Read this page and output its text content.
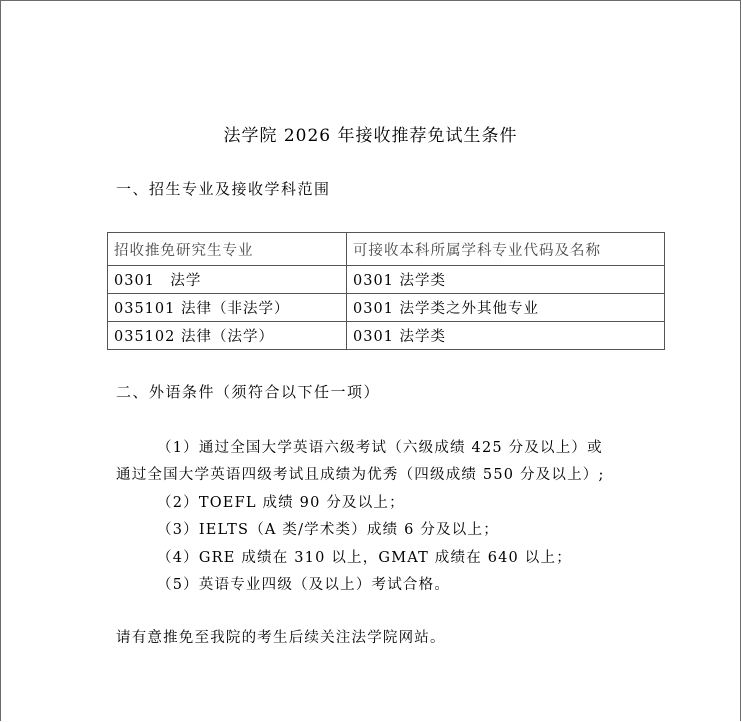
法学院 2026 年接收推荐免试生条件
一、招生专业及接收学科范围
招收推免研究生专业	可接收本科所属学科专业代码及名称
0301　法学	0301 法学类
035101 法律（非法学）	0301 法学类之外其他专业
035102 法律（法学）	0301 法学类
二、外语条件（须符合以下任一项）
（1）通过全国大学英语六级考试（六级成绩 425 分及以上）或
通过全国大学英语四级考试且成绩为优秀（四级成绩 550 分及以上）;
（2）TOEFL 成绩 90 分及以上；
（3）IELTS（A 类/学术类）成绩 6 分及以上；
（4）GRE 成绩在 310 以上，GMAT 成绩在 640 以上；
（5）英语专业四级（及以上）考试合格。
请有意推免至我院的考生后续关注法学院网站。
